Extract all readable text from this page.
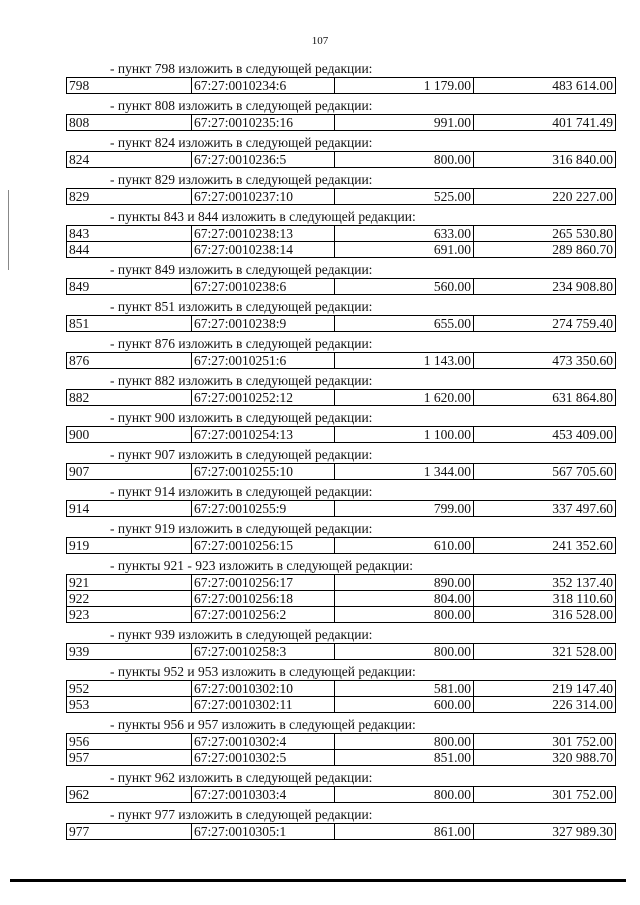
107
- пункт 798 изложить в следующей редакции:
798	67:27:0010234:6	1 179.00	483 614.00
- пункт 808 изложить в следующей редакции:
808	67:27:0010235:16	991.00	401 741.49
- пункт 824 изложить в следующей редакции:
824	67:27:0010236:5	800.00	316 840.00
- пункт 829 изложить в следующей редакции:
829	67:27:0010237:10	525.00	220 227.00
- пункты 843 и 844 изложить в следующей редакции:
843	67:27:0010238:13	633.00	265 530.80
844	67:27:0010238:14	691.00	289 860.70
- пункт 849 изложить в следующей редакции:
849	67:27:0010238:6	560.00	234 908.80
- пункт 851 изложить в следующей редакции:
851	67:27:0010238:9	655.00	274 759.40
- пункт 876 изложить в следующей редакции:
876	67:27:0010251:6	1 143.00	473 350.60
- пункт 882 изложить в следующей редакции:
882	67:27:0010252:12	1 620.00	631 864.80
- пункт 900 изложить в следующей редакции:
900	67:27:0010254:13	1 100.00	453 409.00
- пункт 907 изложить в следующей редакции:
907	67:27:0010255:10	1 344.00	567 705.60
- пункт 914 изложить в следующей редакции:
914	67:27:0010255:9	799.00	337 497.60
- пункт 919 изложить в следующей редакции:
919	67:27:0010256:15	610.00	241 352.60
- пункты 921 - 923 изложить в следующей редакции:
921	67:27:0010256:17	890.00	352 137.40
922	67:27:0010256:18	804.00	318 110.60
923	67:27:0010256:2	800.00	316 528.00
- пункт 939 изложить в следующей редакции:
939	67:27:0010258:3	800.00	321 528.00
- пункты 952 и 953 изложить в следующей редакции:
952	67:27:0010302:10	581.00	219 147.40
953	67:27:0010302:11	600.00	226 314.00
- пункты 956 и 957 изложить в следующей редакции:
956	67:27:0010302:4	800.00	301 752.00
957	67:27:0010302:5	851.00	320 988.70
- пункт 962 изложить в следующей редакции:
962	67:27:0010303:4	800.00	301 752.00
- пункт 977 изложить в следующей редакции:
977	67:27:0010305:1	861.00	327 989.30
